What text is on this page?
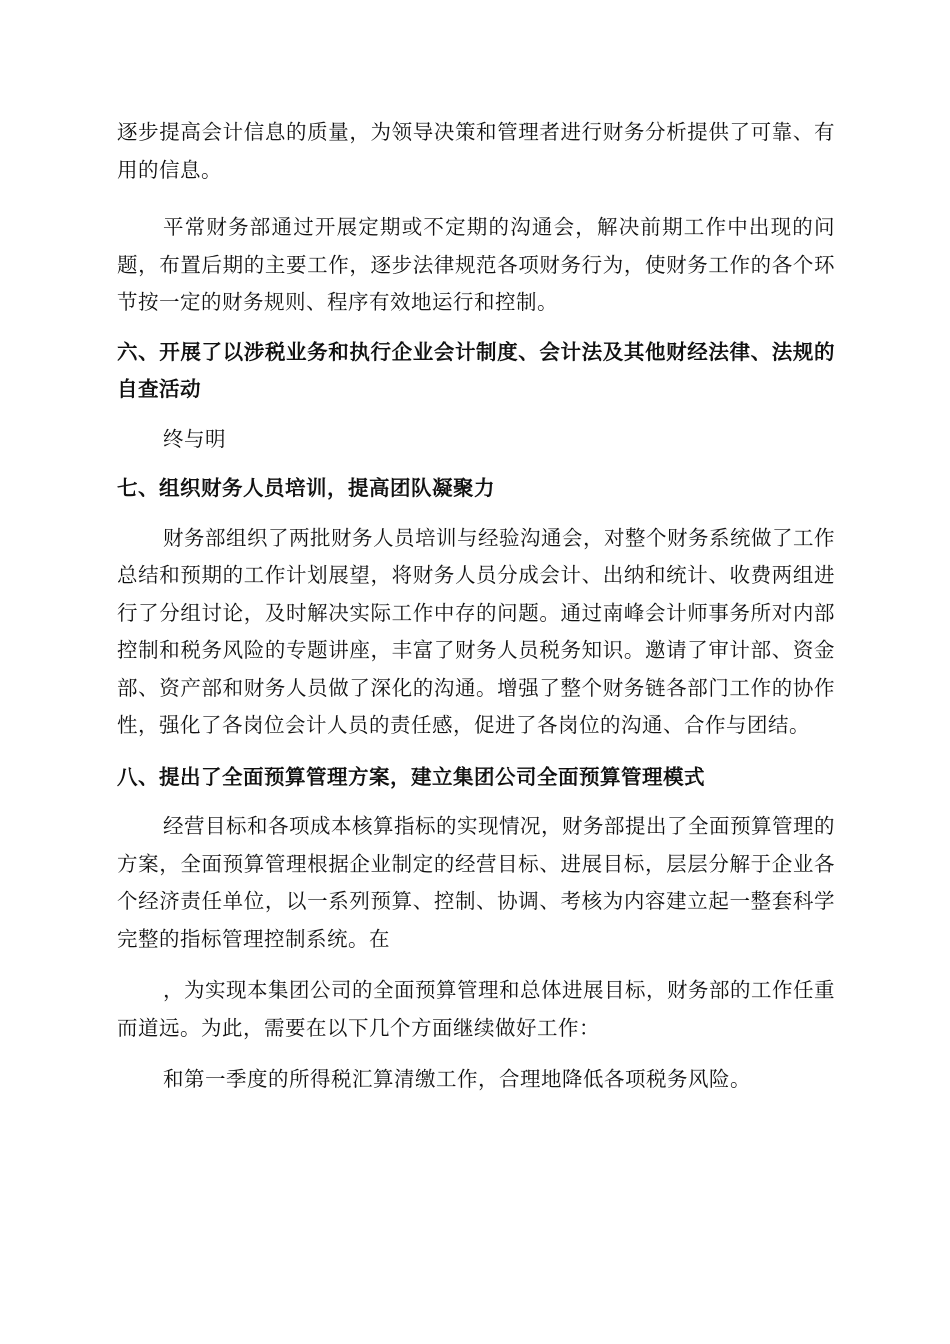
逐步提高会计信息的质量，为领导决策和管理者进行财务分析提供了可靠、有用的信息。

平常财务部通过开展定期或不定期的沟通会，解决前期工作中出现的问题，布置后期的主要工作，逐步法律规范各项财务行为，使财务工作的各个环节按一定的财务规则、程序有效地运行和控制。

六、开展了以涉税业务和执行企业会计制度、会计法及其他财经法律、法规的自查活动

终与明

七、组织财务人员培训，提高团队凝聚力

财务部组织了两批财务人员培训与经验沟通会，对整个财务系统做了工作总结和预期的工作计划展望，将财务人员分成会计、出纳和统计、收费两组进行了分组讨论，及时解决实际工作中存的问题。通过南峰会计师事务所对内部控制和税务风险的专题讲座，丰富了财务人员税务知识。邀请了审计部、资金部、资产部和财务人员做了深化的沟通。增强了整个财务链各部门工作的协作性，强化了各岗位会计人员的责任感，促进了各岗位的沟通、合作与团结。

八、提出了全面预算管理方案，建立集团公司全面预算管理模式

经营目标和各项成本核算指标的实现情况，财务部提出了全面预算管理的方案，全面预算管理根据企业制定的经营目标、进展目标，层层分解于企业各个经济责任单位，以一系列预算、控制、协调、考核为内容建立起一整套科学完整的指标管理控制系统。在

，为实现本集团公司的全面预算管理和总体进展目标，财务部的工作任重而道远。为此，需要在以下几个方面继续做好工作：

和第一季度的所得税汇算清缴工作，合理地降低各项税务风险。
